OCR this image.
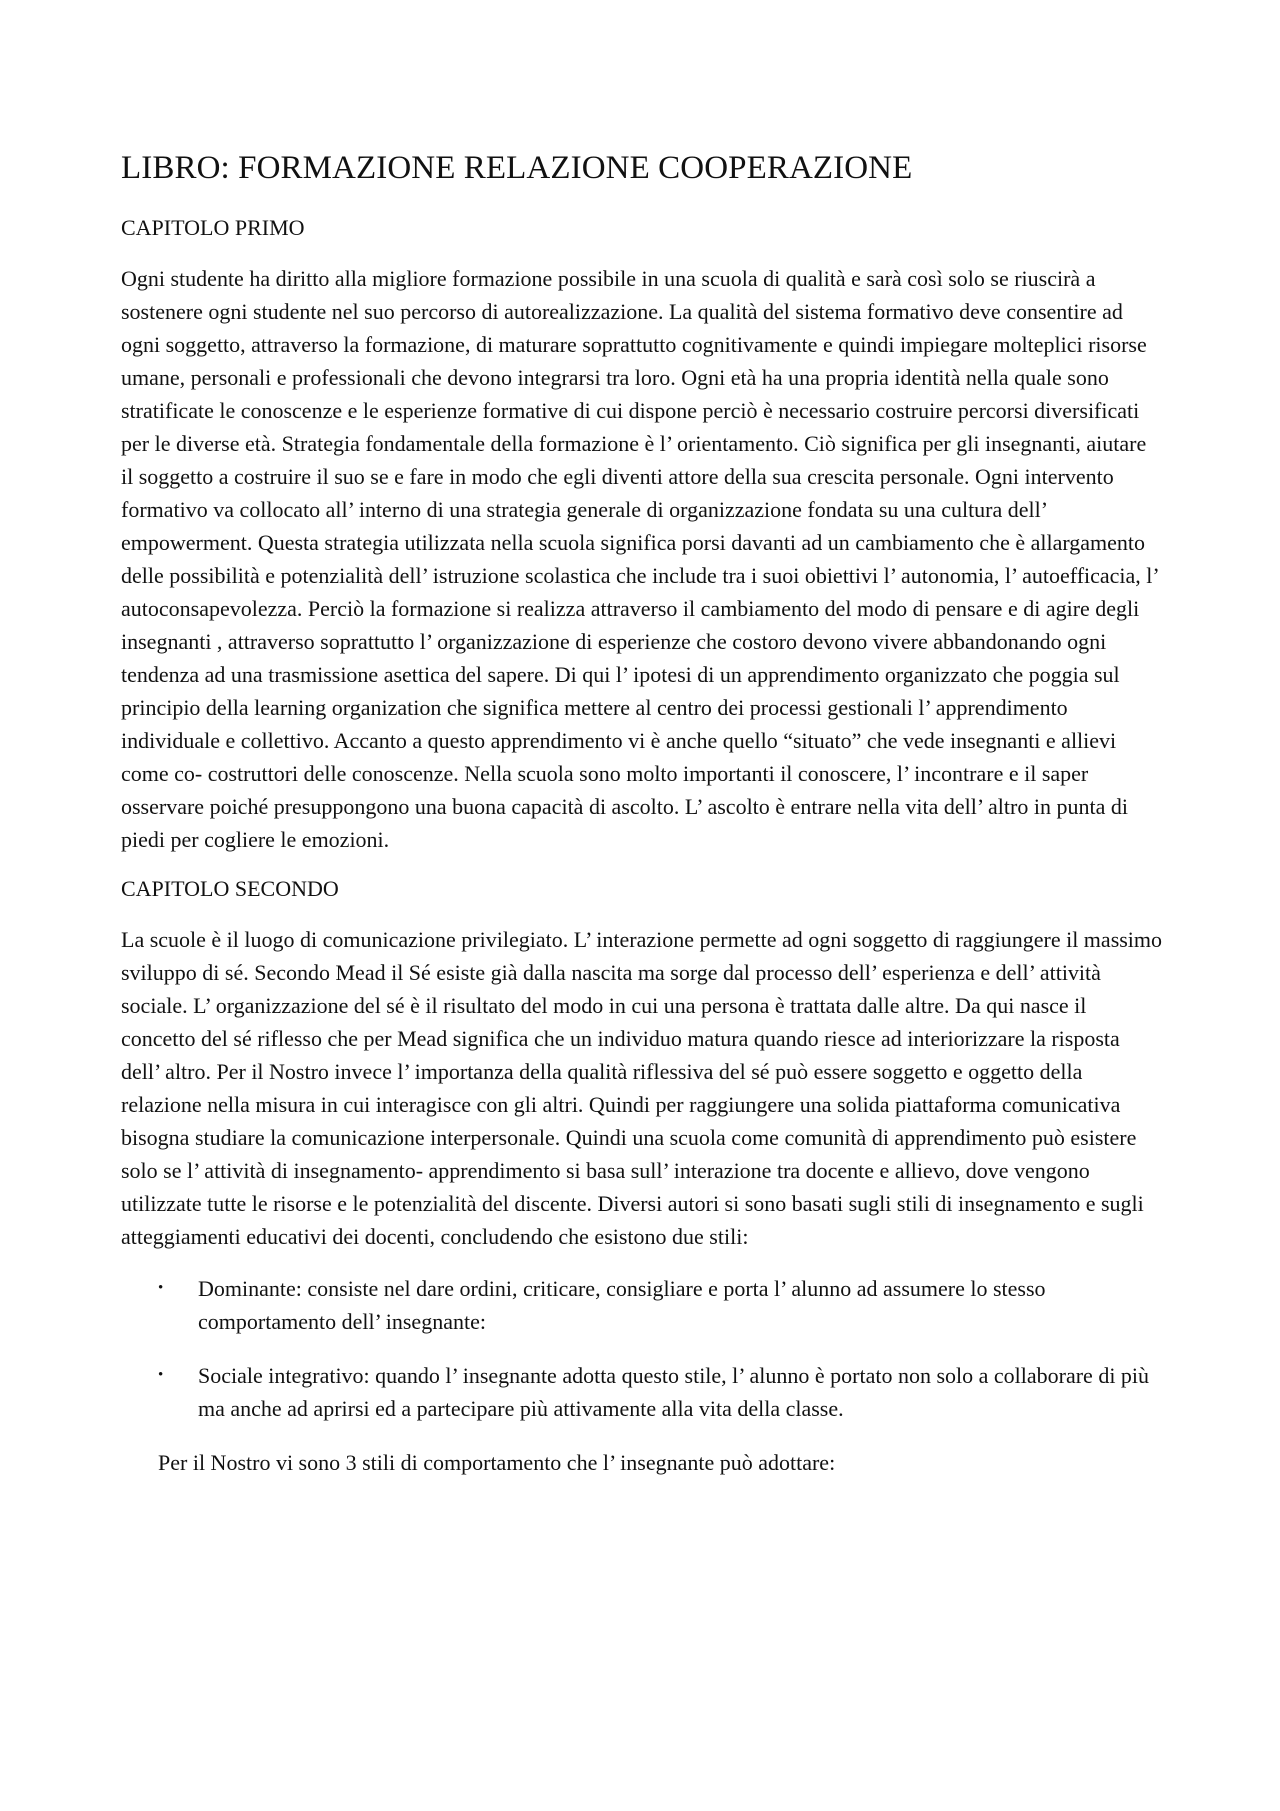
LIBRO: FORMAZIONE RELAZIONE COOPERAZIONE
CAPITOLO PRIMO

Ogni studente ha diritto alla migliore formazione possibile in una scuola di qualità e sarà così solo se riuscirà a sostenere ogni studente nel suo percorso di autorealizzazione. La qualità del sistema formativo deve consentire ad ogni soggetto, attraverso la formazione, di maturare soprattutto cognitivamente e quindi impiegare molteplici risorse umane, personali e professionali che devono integrarsi tra loro. Ogni età ha una propria identità nella quale sono stratificate le conoscenze e le esperienze formative di cui dispone perciò è necessario costruire percorsi diversificati per le diverse età. Strategia fondamentale della formazione è l’ orientamento. Ciò significa per gli insegnanti, aiutare il soggetto a costruire il suo se e fare in modo che egli diventi attore della sua crescita personale. Ogni intervento formativo va collocato all’ interno di una strategia generale di organizzazione fondata su una cultura dell’ empowerment. Questa strategia utilizzata nella scuola significa porsi davanti ad un cambiamento che è allargamento delle possibilità e potenzialità dell’ istruzione scolastica che include tra i suoi obiettivi l’ autonomia, l’ autoefficacia, l’ autoconsapevolezza. Perciò la formazione si realizza attraverso il cambiamento del modo di pensare e di agire degli insegnanti , attraverso soprattutto l’ organizzazione di esperienze che costoro devono vivere abbandonando ogni tendenza ad una trasmissione asettica del sapere. Di qui l’ ipotesi di un apprendimento organizzato che poggia sul principio della learning organization che significa mettere al centro dei processi gestionali l’ apprendimento individuale e collettivo. Accanto a questo apprendimento vi è anche quello “situato” che vede insegnanti e allievi come co- costruttori delle conoscenze. Nella scuola sono molto importanti il conoscere, l’ incontrare e il saper osservare poiché presuppongono una buona capacità di ascolto. L’ ascolto è entrare nella vita dell’ altro in punta di piedi per cogliere le emozioni.

CAPITOLO SECONDO

La scuole è il luogo di comunicazione privilegiato. L’ interazione permette ad ogni soggetto di raggiungere il massimo sviluppo di sé. Secondo Mead il Sé esiste già dalla nascita ma sorge dal processo dell’ esperienza e dell’ attività sociale. L’ organizzazione del sé è il risultato del modo in cui una persona è trattata dalle altre. Da qui nasce il concetto del sé riflesso che per Mead significa che un individuo matura quando riesce ad interiorizzare la risposta dell’ altro. Per il Nostro invece l’ importanza della qualità riflessiva del sé può essere soggetto e oggetto della relazione nella misura in cui interagisce con gli altri. Quindi per raggiungere una solida piattaforma comunicativa bisogna studiare la comunicazione interpersonale. Quindi una scuola come comunità di apprendimento può esistere solo se l’ attività di insegnamento- apprendimento si basa sull’ interazione tra docente e allievo, dove vengono utilizzate tutte le risorse e le potenzialità del discente. Diversi autori si sono basati sugli stili di insegnamento e sugli atteggiamenti educativi dei docenti, concludendo che esistono due stili:

• Dominante: consiste nel dare ordini, criticare, consigliare e porta l’ alunno ad assumere lo stesso comportamento dell’ insegnante:
• Sociale integrativo: quando l’ insegnante adotta questo stile, l’ alunno è portato non solo a collaborare di più ma anche ad aprirsi ed a partecipare più attivamente alla vita della classe.

Per il Nostro vi sono 3 stili di comportamento che l’ insegnante può adottare:
